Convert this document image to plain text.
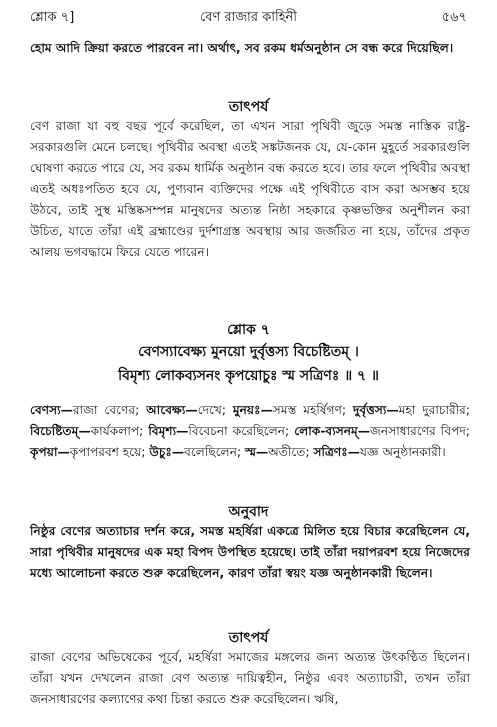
শ্লোক ৭]	বেণ রাজার কাহিনী	৫৬৭
হোম আদি ক্রিয়া করতে পারবেন না। অর্থাৎ, সব রকম ধর্মঅনুষ্ঠান সে বন্ধ করে দিয়েছিল।
তাৎপর্য
বেণ রাজা যা বহু বছর পূর্বে করেছিল, তা এখন সারা পৃথিবী জুড়ে সমস্ত নাস্তিক রাষ্ট্র-সরকারগুলি মেনে চলছে। পৃথিবীর অবস্থা এতই সঙ্কটজনক যে, যে-কোন মুহূর্তে সরকারগুলি ঘোষণা করতে পারে যে, সব রকম ধার্মিক অনুষ্ঠান বন্ধ করতে হবে। তার ফলে পৃথিবীর অবস্থা এতই অধঃপতিত হবে যে, পুণ্যবান ব্যক্তিদের পক্ষে এই পৃথিবীতে বাস করা অসম্ভব হয়ে উঠবে, তাই সুস্থ মস্তিষ্কসম্পন্ন মানুষদের অত্যন্ত নিষ্ঠা সহকারে কৃষ্ণভক্তির অনুশীলন করা উচিত, যাতে তাঁরা এই ব্রহ্মাণ্ডের দুর্দশাগ্রস্ত অবস্থায় আর জর্জরিত না হয়ে, তাঁদের প্রকৃত আলয় ভগবদ্ধামে ফিরে যেতে পারেন।
শ্লোক ৭
বেণস্যাবেক্ষ্য মুনয়ো দুর্বৃত্তস্য বিচেষ্টিতম্ ।
বিমৃশ্য লোকব্যসনং কৃপয়োচুঃ স্ম সত্রিণঃ ॥ ৭ ॥
বেণস্য—রাজা বেণের; আবেক্ষ্য—দেখে; মুনয়ঃ—সমস্ত মহর্ষিগণ; দুর্বৃত্তস্য—মহা দুরাচারীর; বিচেষ্টিতম্—কার্যকলাপ; বিমৃশ্য—বিবেচনা করেছিলেন; লোক-ব্যসনম্—জনসাধারণের বিপদ; কৃপয়া—কৃপাপরবশ হয়ে; উচুঃ—বলেছিলেন; স্ম—অতীতে; সত্রিণঃ—যজ্ঞ অনুষ্ঠানকারী।
অনুবাদ
নিষ্ঠুর বেণের অত্যাচার দর্শন করে, সমস্ত মহর্ষিরা একত্রে মিলিত হয়ে বিচার করেছিলেন যে, সারা পৃথিবীর মানুষদের এক মহা বিপদ উপস্থিত হয়েছে। তাই তাঁরা দয়াপরবশ হয়ে নিজেদের মধ্যে আলোচনা করতে শুরু করেছিলেন, কারণ তাঁরা স্বয়ং যজ্ঞ অনুষ্ঠানকারী ছিলেন।
তাৎপর্য
রাজা বেণের অভিষেকের পূর্বে, মহর্ষিরা সমাজের মঙ্গলের জন্য অত্যন্ত উৎকণ্ঠিত ছিলেন। তাঁরা যখন দেখলেন রাজা বেণ অত্যন্ত দায়িত্বহীন, নিষ্ঠুর এবং অত্যাচারী, তখন তাঁরা জনসাধারণের কল্যাণের কথা চিন্তা করতে শুরু করেছিলেন। ঋষি,
